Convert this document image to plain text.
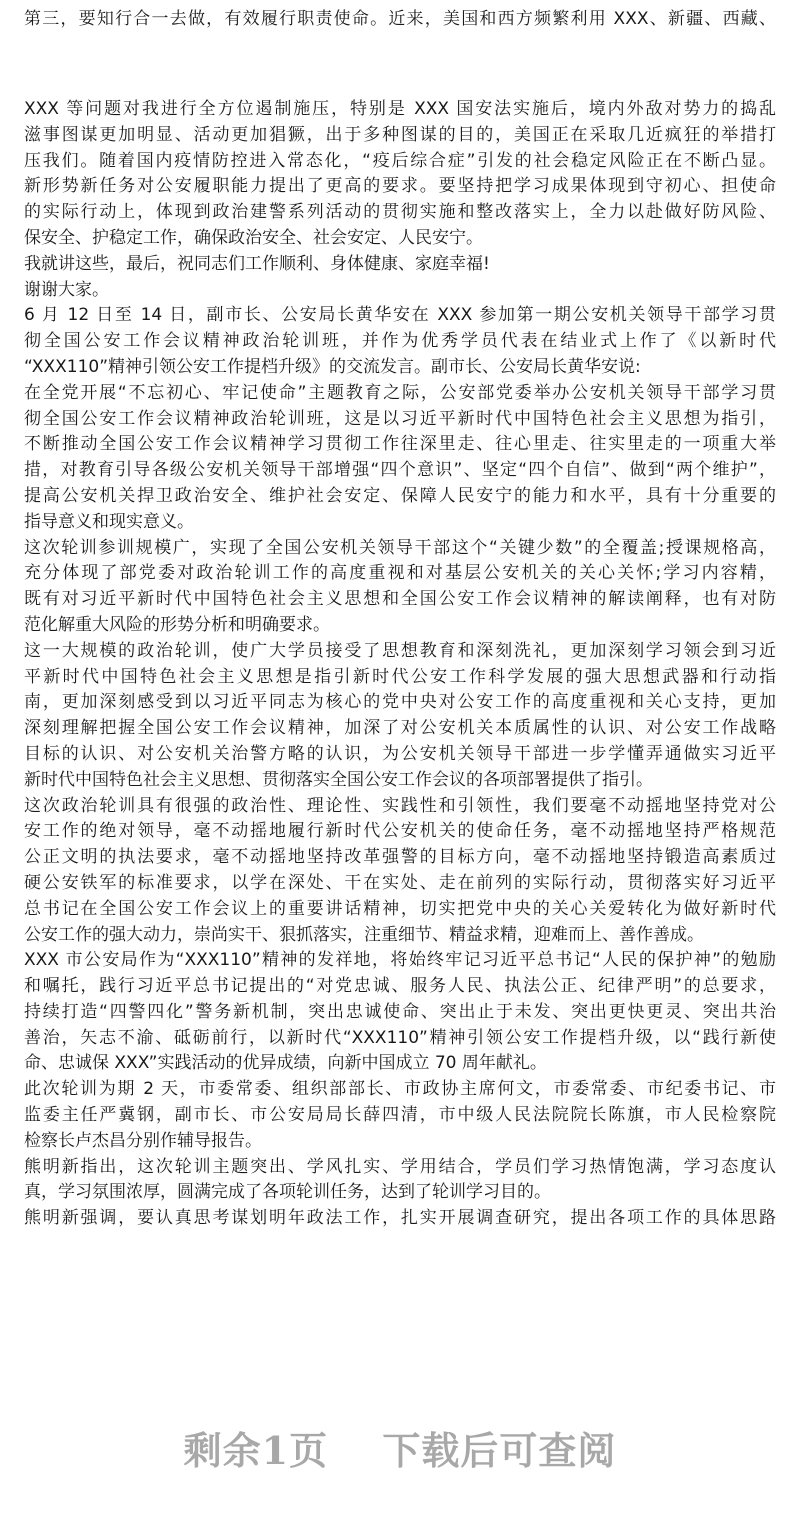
第三，要知行合一去做，有效履行职责使命。近来，美国和西方频繁利用 XXX、新疆、西藏、
XXX 等问题对我进行全方位遏制施压，特别是 XXX 国安法实施后，境内外敌对势力的捣乱
滋事图谋更加明显、活动更加猖獗，出于多种图谋的目的，美国正在采取几近疯狂的举措打
压我们。随着国内疫情防控进入常态化，“疫后综合症”引发的社会稳定风险正在不断凸显。
新形势新任务对公安履职能力提出了更高的要求。要坚持把学习成果体现到守初心、担使命
的实际行动上，体现到政治建警系列活动的贯彻实施和整改落实上，全力以赴做好防风险、
保安全、护稳定工作，确保政治安全、社会安定、人民安宁。
我就讲这些，最后，祝同志们工作顺利、身体健康、家庭幸福!
谢谢大家。
6 月 12 日至 14 日，副市长、公安局长黄华安在 XXX 参加第一期公安机关领导干部学习贯
彻全国公安工作会议精神政治轮训班，并作为优秀学员代表在结业式上作了《以新时代
“XXX110”精神引领公安工作提档升级》的交流发言。副市长、公安局长黄华安说:
在全党开展“不忘初心、牢记使命”主题教育之际，公安部党委举办公安机关领导干部学习贯
彻全国公安工作会议精神政治轮训班，这是以习近平新时代中国特色社会主义思想为指引，
不断推动全国公安工作会议精神学习贯彻工作往深里走、往心里走、往实里走的一项重大举
措，对教育引导各级公安机关领导干部增强“四个意识”、坚定“四个自信”、做到“两个维护”，
提高公安机关捍卫政治安全、维护社会安定、保障人民安宁的能力和水平，具有十分重要的
指导意义和现实意义。
这次轮训参训规模广，实现了全国公安机关领导干部这个“关键少数”的全覆盖;授课规格高，
充分体现了部党委对政治轮训工作的高度重视和对基层公安机关的关心关怀;学习内容精，
既有对习近平新时代中国特色社会主义思想和全国公安工作会议精神的解读阐释，也有对防
范化解重大风险的形势分析和明确要求。
这一大规模的政治轮训，使广大学员接受了思想教育和深刻洗礼，更加深刻学习领会到习近
平新时代中国特色社会主义思想是指引新时代公安工作科学发展的强大思想武器和行动指
南，更加深刻感受到以习近平同志为核心的党中央对公安工作的高度重视和关心支持，更加
深刻理解把握全国公安工作会议精神，加深了对公安机关本质属性的认识、对公安工作战略
目标的认识、对公安机关治警方略的认识，为公安机关领导干部进一步学懂弄通做实习近平
新时代中国特色社会主义思想、贯彻落实全国公安工作会议的各项部署提供了指引。
这次政治轮训具有很强的政治性、理论性、实践性和引领性，我们要毫不动摇地坚持党对公
安工作的绝对领导，毫不动摇地履行新时代公安机关的使命任务，毫不动摇地坚持严格规范
公正文明的执法要求，毫不动摇地坚持改革强警的目标方向，毫不动摇地坚持锻造高素质过
硬公安铁军的标准要求，以学在深处、干在实处、走在前列的实际行动，贯彻落实好习近平
总书记在全国公安工作会议上的重要讲话精神，切实把党中央的关心关爱转化为做好新时代
公安工作的强大动力，崇尚实干、狠抓落实，注重细节、精益求精，迎难而上、善作善成。
XXX 市公安局作为“XXX110”精神的发祥地，将始终牢记习近平总书记“人民的保护神”的勉励
和嘱托，践行习近平总书记提出的“对党忠诚、服务人民、执法公正、纪律严明”的总要求，
持续打造“四警四化”警务新机制，突出忠诚使命、突出止于未发、突出更快更灵、突出共治
善治，矢志不渝、砥砺前行，以新时代“XXX110”精神引领公安工作提档升级，以“践行新使
命、忠诚保 XXX”实践活动的优异成绩，向新中国成立 70 周年献礼。
此次轮训为期 2 天，市委常委、组织部部长、市政协主席何文，市委常委、市纪委书记、市
监委主任严冀钢，副市长、市公安局局长薛四清，市中级人民法院院长陈旗，市人民检察院
检察长卢杰昌分别作辅导报告。
熊明新指出，这次轮训主题突出、学风扎实、学用结合，学员们学习热情饱满，学习态度认
真，学习氛围浓厚，圆满完成了各项轮训任务，达到了轮训学习目的。
熊明新强调，要认真思考谋划明年政法工作，扎实开展调查研究，提出各项工作的具体思路
剩余1页 下载后可查阅
